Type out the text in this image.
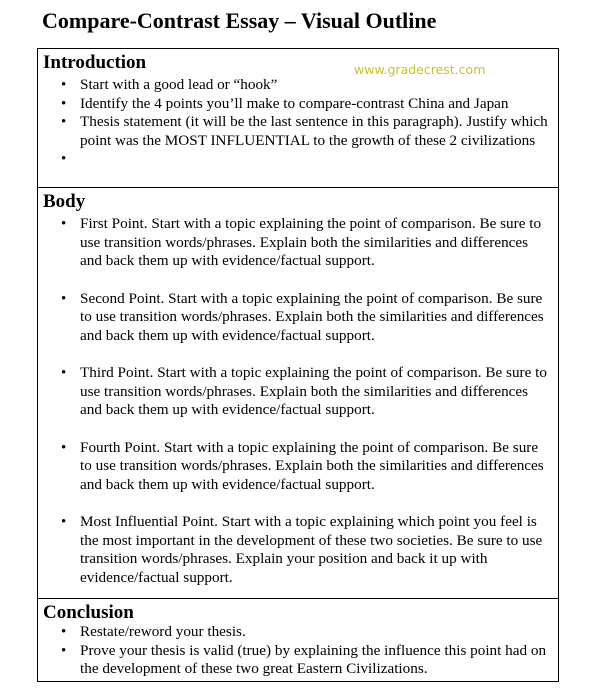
Compare-Contrast Essay – Visual Outline
Introduction	www.gradecrest.com
• Start with a good lead or “hook”
• Identify the 4 points you’ll make to compare-contrast China and Japan
• Thesis statement (it will be the last sentence in this paragraph). Justify which point was the MOST INFLUENTIAL to the growth of these 2 civilizations
•
Body
• First Point. Start with a topic explaining the point of comparison. Be sure to use transition words/phrases. Explain both the similarities and differences and back them up with evidence/factual support.
• Second Point. Start with a topic explaining the point of comparison. Be sure to use transition words/phrases. Explain both the similarities and differences and back them up with evidence/factual support.
• Third Point. Start with a topic explaining the point of comparison. Be sure to use transition words/phrases. Explain both the similarities and differences and back them up with evidence/factual support.
• Fourth Point. Start with a topic explaining the point of comparison. Be sure to use transition words/phrases. Explain both the similarities and differences and back them up with evidence/factual support.
• Most Influential Point. Start with a topic explaining which point you feel is the most important in the development of these two societies. Be sure to use transition words/phrases. Explain your position and back it up with evidence/factual support.
Conclusion
• Restate/reword your thesis.
• Prove your thesis is valid (true) by explaining the influence this point had on the development of these two great Eastern Civilizations.
